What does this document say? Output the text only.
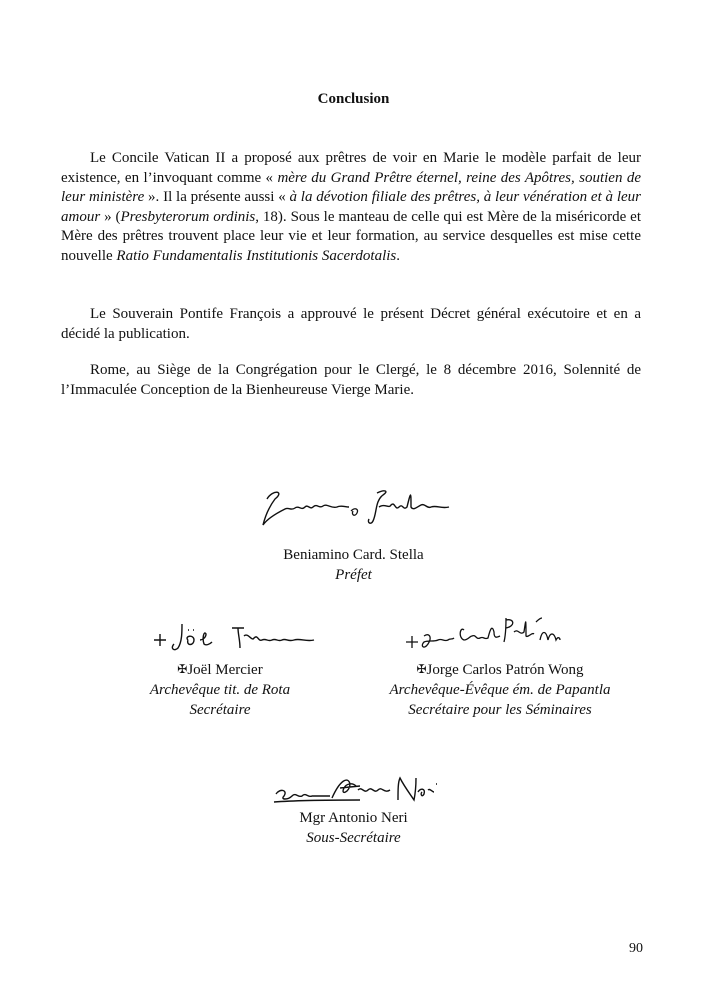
Conclusion

Le Concile Vatican II a proposé aux prêtres de voir en Marie le modèle parfait de leur existence, en l’invoquant comme « mère du Grand Prêtre éternel, reine des Apôtres, soutien de leur ministère ». Il la présente aussi « à la dévotion filiale des prêtres, à leur vénération et à leur amour » (Presbyterorum ordinis, 18). Sous le manteau de celle qui est Mère de la miséricorde et Mère des prêtres trouvent place leur vie et leur formation, au service desquelles est mise cette nouvelle Ratio Fundamentalis Institutionis Sacerdotalis.

Le Souverain Pontife François a approuvé le présent Décret général exécutoire et en a décidé la publication.

Rome, au Siège de la Congrégation pour le Clergé, le 8 décembre 2016, Solennité de l’Immaculée Conception de la Bienheureuse Vierge Marie.

Beniamino Card. Stella
Préfet
✠Joël Mercier
Archevêque tit. de Rota
Secrétaire
✠Jorge Carlos Patrón Wong
Archevêque-Évêque ém. de Papantla
Secrétaire pour les Séminaires
Mgr Antonio Neri
Sous-Secrétaire
90
